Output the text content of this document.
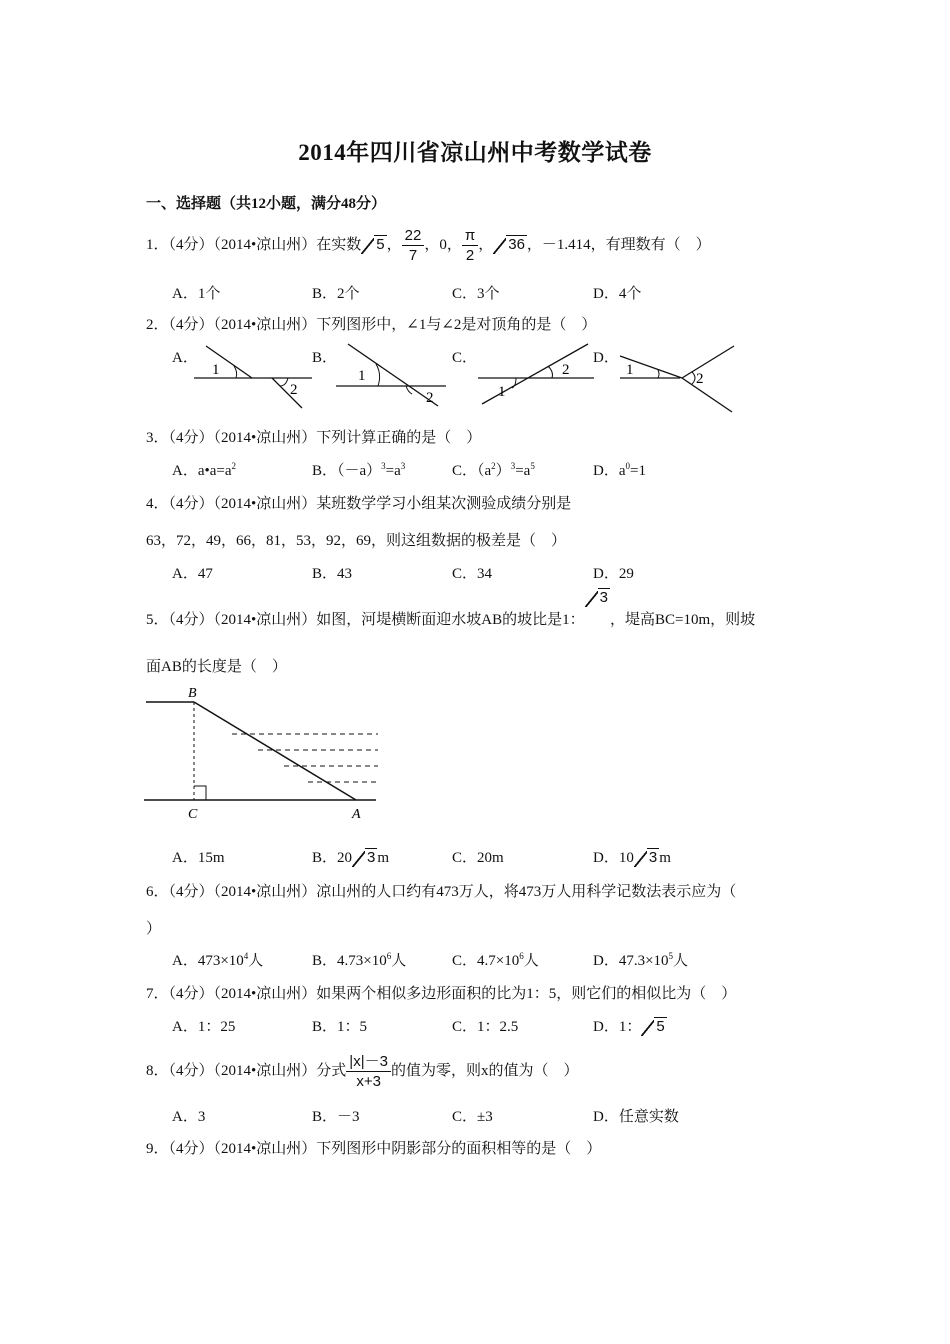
2014年四川省凉山州中考数学试卷
一、选择题（共12小题，满分48分）
1．（4分）（2014•凉山州）在实数 5 ， $\frac{22}{7}$ ，0， $\frac{\pi}{2}$ ， 36 ，－1.414，有理数有（　）
A．1个	B．2个	C．3个	D．4个
2．（4分）（2014•凉山州）下列图形中，∠1与∠2是对顶角的是（　）
A．	B．	C．	D．
1
2
1
2	1
2	1
2
3．（4分）（2014•凉山州）下列计算正确的是（　）
A．$a•a=a^2$	B．$(-a)^3=a^3$	C．$(a^2)^3=a^5$	D．$a^0=1$
4．（4分）（2014•凉山州）某班数学学习小组某次测验成绩分别是
63，72，49，66，81，53，92，69，则这组数据的极差是（　）
A．47	B．43	C．34	D．29
5．（4分）（2014•凉山州）如图，河堤横断面迎水坡AB的坡比是1：3，堤高BC=10m，则坡
面AB的长度是（　）
B
C	A
A．15m	B．20 3 m	C．20m	D．10 3 m
6．（4分）（2014•凉山州）凉山州的人口约有473万人，将473万人用科学记数法表示应为（
）
A．$473\times 10^4$人	B．$4.73\times 10^6$人	C．$4.7\times 10^6$人	D．$47.3\times 10^5$人
7．（4分）（2014•凉山州）如果两个相似多边形面积的比为1：5，则它们的相似比为（　）
A．1：25	B．1：5	C．1：2.5	D．1： 5
8．（4分）（2014•凉山州）分式 $\frac{|x|-3}{x+3}$ 的值为零，则x的值为（　）
A．3	B．－3	C．±3	D．任意实数
9．（4分）（2014•凉山州）下列图形中阴影部分的面积相等的是（　）
